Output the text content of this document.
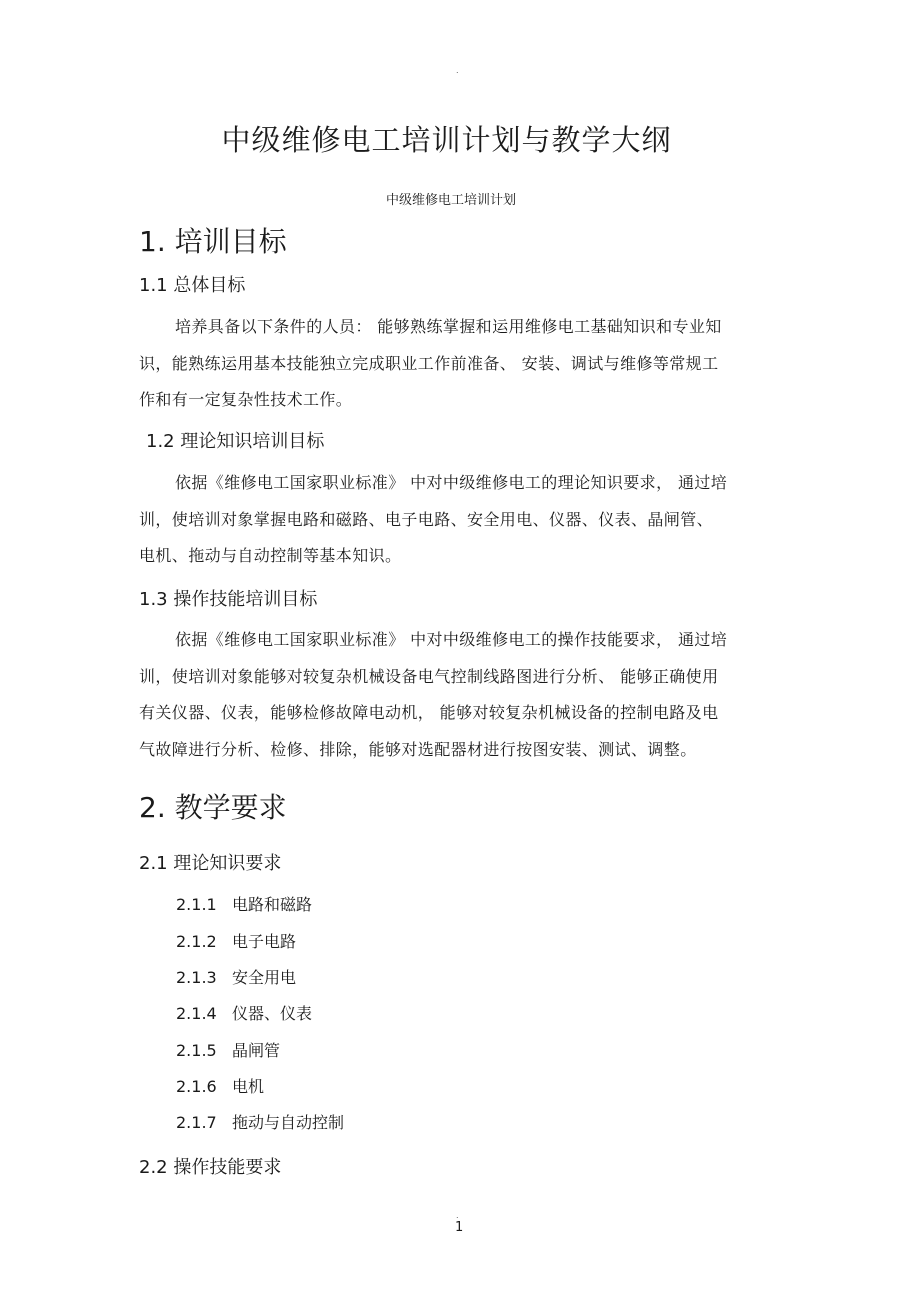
.
中级维修电工培训计划与教学大纲
中级维修电工培训计划
1. 培训目标
1.1 总体目标
培养具备以下条件的人员： 能够熟练掌握和运用维修电工基础知识和专业知
识，能熟练运用基本技能独立完成职业工作前准备、 安装、调试与维修等常规工
作和有一定复杂性技术工作。
1.2 理论知识培训目标
依据《维修电工国家职业标准》 中对中级维修电工的理论知识要求， 通过培
训，使培训对象掌握电路和磁路、电子电路、安全用电、仪器、仪表、晶闸管、
电机、拖动与自动控制等基本知识。
1.3 操作技能培训目标
依据《维修电工国家职业标准》 中对中级维修电工的操作技能要求， 通过培
训，使培训对象能够对较复杂机械设备电气控制线路图进行分析、 能够正确使用
有关仪器、仪表，能够检修故障电动机， 能够对较复杂机械设备的控制电路及电
气故障进行分析、检修、排除，能够对选配器材进行按图安装、测试、调整。
2. 教学要求
2.1 理论知识要求
2.1.1 电路和磁路
2.1.2 电子电路
2.1.3 安全用电
2.1.4 仪器、仪表
2.1.5 晶闸管
2.1.6 电机
2.1.7 拖动与自动控制
2.2 操作技能要求
.
1
